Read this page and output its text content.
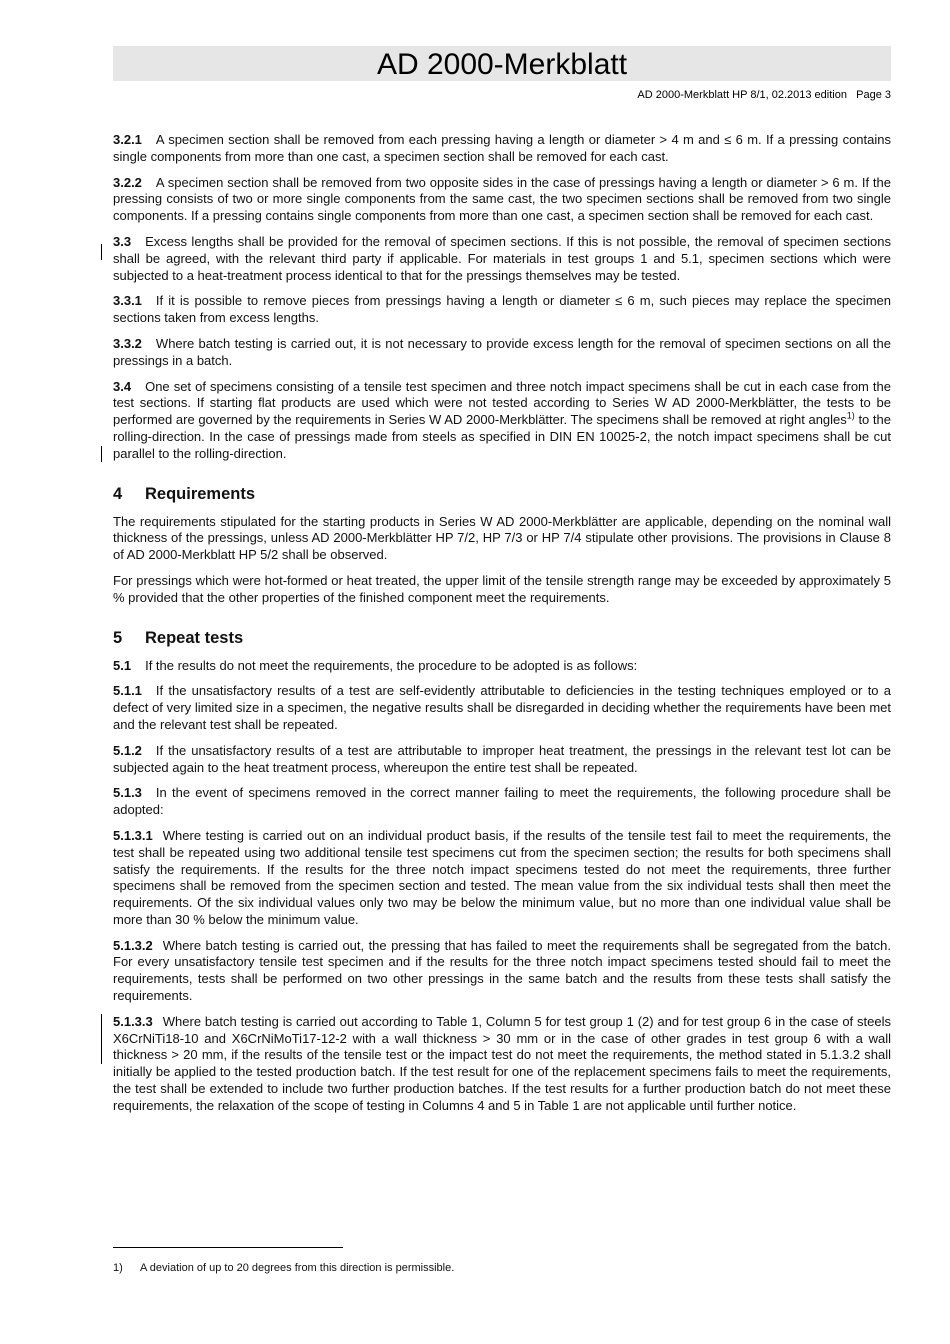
AD 2000-Merkblatt
AD 2000-Merkblatt HP 8/1, 02.2013 edition   Page 3

3.2.1 A specimen section shall be removed from each pressing having a length or diameter > 4 m and ≤ 6 m. If a pressing contains single components from more than one cast, a specimen section shall be removed for each cast.

3.2.2 A specimen section shall be removed from two opposite sides in the case of pressings having a length or diameter > 6 m. If the pressing consists of two or more single components from the same cast, the two specimen sections shall be removed from two single components. If a pressing contains single components from more than one cast, a specimen section shall be removed for each cast.

3.3 Excess lengths shall be provided for the removal of specimen sections. If this is not possible, the removal of specimen sections shall be agreed, with the relevant third party if applicable. For materials in test groups 1 and 5.1, specimen sections which were subjected to a heat-treatment process identical to that for the pressings themselves may be tested.

3.3.1 If it is possible to remove pieces from pressings having a length or diameter ≤ 6 m, such pieces may replace the specimen sections taken from excess lengths.

3.3.2 Where batch testing is carried out, it is not necessary to provide excess length for the removal of specimen sections on all the pressings in a batch.

3.4 One set of specimens consisting of a tensile test specimen and three notch impact specimens shall be cut in each case from the test sections. If starting flat products are used which were not tested according to Series W AD 2000-Merkblätter, the tests to be performed are governed by the requirements in Series W AD 2000-Merkblätter. The specimens shall be removed at right angles$^{1)}$ to the rolling-direction. In the case of pressings made from steels as specified in DIN EN 10025-2, the notch impact specimens shall be cut parallel to the rolling-direction.

4 Requirements

The requirements stipulated for the starting products in Series W AD 2000-Merkblätter are applicable, depending on the nominal wall thickness of the pressings, unless AD 2000-Merkblätter HP 7/2, HP 7/3 or HP 7/4 stipulate other provisions. The provisions in Clause 8 of AD 2000-Merkblatt HP 5/2 shall be observed.

For pressings which were hot-formed or heat treated, the upper limit of the tensile strength range may be exceeded by approximately 5 % provided that the other properties of the finished component meet the requirements.

5 Repeat tests

5.1 If the results do not meet the requirements, the procedure to be adopted is as follows:

5.1.1 If the unsatisfactory results of a test are self-evidently attributable to deficiencies in the testing techniques employed or to a defect of very limited size in a specimen, the negative results shall be disregarded in deciding whether the requirements have been met and the relevant test shall be repeated.

5.1.2 If the unsatisfactory results of a test are attributable to improper heat treatment, the pressings in the relevant test lot can be subjected again to the heat treatment process, whereupon the entire test shall be repeated.

5.1.3 In the event of specimens removed in the correct manner failing to meet the requirements, the following procedure shall be adopted:

5.1.3.1 Where testing is carried out on an individual product basis, if the results of the tensile test fail to meet the requirements, the test shall be repeated using two additional tensile test specimens cut from the specimen section; the results for both specimens shall satisfy the requirements. If the results for the three notch impact specimens tested do not meet the requirements, three further specimens shall be removed from the specimen section and tested. The mean value from the six individual tests shall then meet the requirements. Of the six individual values only two may be below the minimum value, but no more than one individual value shall be more than 30 % below the minimum value.

5.1.3.2 Where batch testing is carried out, the pressing that has failed to meet the requirements shall be segregated from the batch. For every unsatisfactory tensile test specimen and if the results for the three notch impact specimens tested should fail to meet the requirements, tests shall be performed on two other pressings in the same batch and the results from these tests shall satisfy the requirements.

5.1.3.3 Where batch testing is carried out according to Table 1, Column 5 for test group 1 (2) and for test group 6 in the case of steels X6CrNiTi18-10 and X6CrNiMoTi17-12-2 with a wall thickness > 30 mm or in the case of other grades in test group 6 with a wall thickness > 20 mm, if the results of the tensile test or the impact test do not meet the requirements, the method stated in 5.1.3.2 shall initially be applied to the tested production batch. If the test result for one of the replacement specimens fails to meet the requirements, the test shall be extended to include two further production batches. If the test results for a further production batch do not meet these requirements, the relaxation of the scope of testing in Columns 4 and 5 in Table 1 are not applicable until further notice.

1) A deviation of up to 20 degrees from this direction is permissible.
